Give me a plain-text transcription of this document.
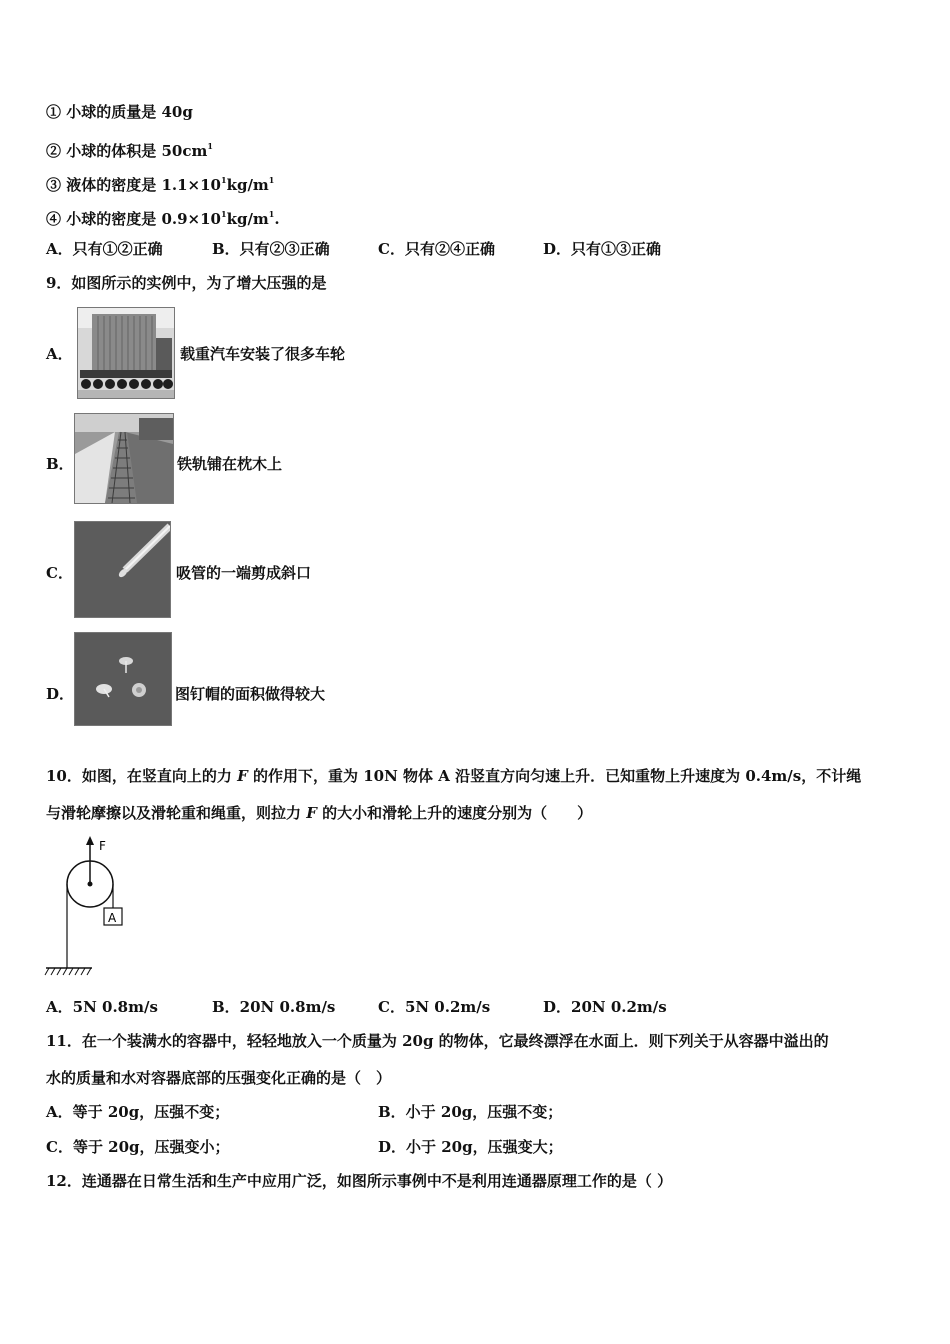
① 小球的质量是 40g
② 小球的体积是 $50cm^1$
③ 液体的密度是 $1.1\times 10^1kg/m^1$
④ 小球的密度是 $0.9\times 10^1kg/m^1$.
A．只有①②正确	B．只有②③正确	C．只有②④正确	D．只有①③正确
9．如图所示的实例中，为了增大压强的是
A．	载重汽车安装了很多车轮
B．	铁轨铺在枕木上
C．	吸管的一端剪成斜口
D．	图钉帽的面积做得较大
10．如图，在竖直向上的力 F 的作用下，重为 10N 物体 A 沿竖直方向匀速上升．已知重物上升速度为 0.4m/s，不计绳
与滑轮摩擦以及滑轮重和绳重，则拉力 F 的大小和滑轮上升的速度分别为（　　）
F
A
A．5N 0.8m/s	B．20N 0.8m/s	C．5N 0.2m/s	D．20N 0.2m/s
11．在一个装满水的容器中，轻轻地放入一个质量为 20g 的物体，它最终漂浮在水面上．则下列关于从容器中溢出的
水的质量和水对容器底部的压强变化正确的是（　）
A．等于 20g，压强不变；	B．小于 20g，压强不变；
C．等于 20g，压强变小；	D．小于 20g，压强变大；
12．连通器在日常生活和生产中应用广泛，如图所示事例中不是利用连通器原理工作的是（ ）
